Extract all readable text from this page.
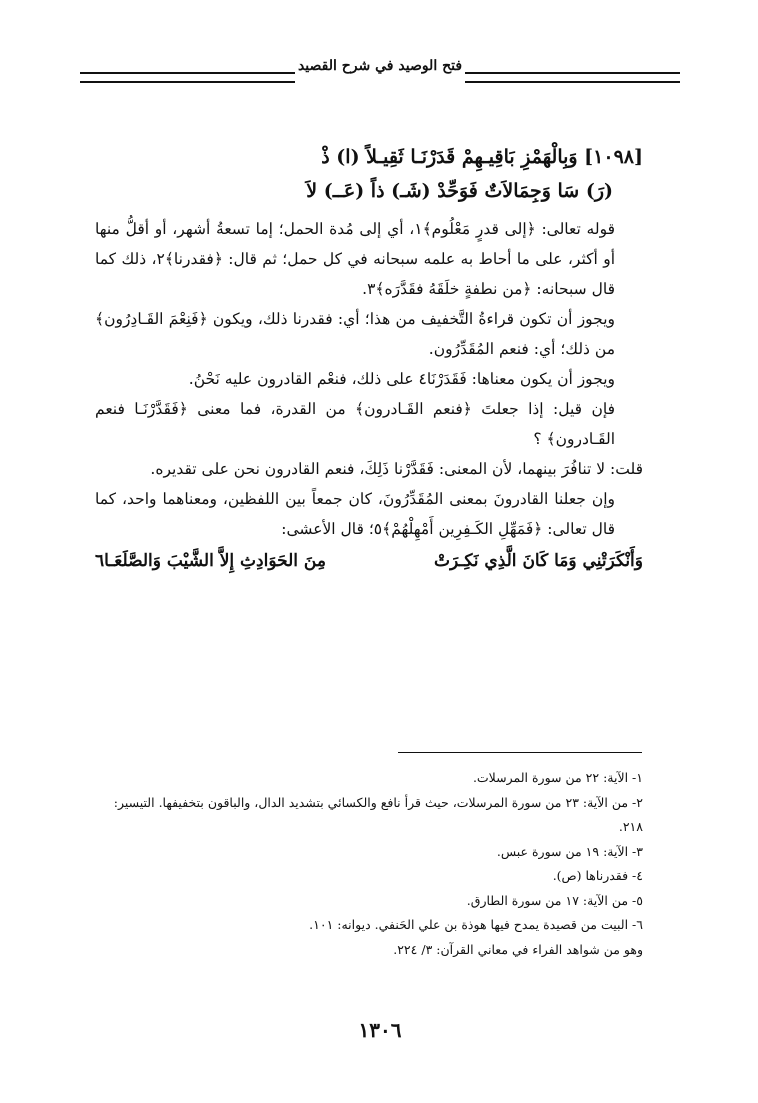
فتح الوصيد في شرح القصيد
[١٠٩٨] وَبِالْهَمْزِ بَاقِيـهِمْ قَدَرْنَـا ثَقِيـلاً (ا) ذْ
(رَ) سَا وَجِمَالاَتٌ فَوَحِّدْ (شَـ) ذاً (عَــ) لاَ

قوله تعالى: ﴿إلى قدرٍ مَعْلُوم﴾١، أي إلى مُدة الحمل؛ إما تسعةُ أشهر، أو أقلُّ منها أو أكثر، على ما أحاط به علمه سبحانه في كل حمل؛ ثم قال: ﴿فقدرنا﴾٢، ذلك كما قال سبحانه: ﴿من نطفةٍ خلَقَهُ فقَدَّرَه﴾٣.

ويجوز أن تكون قراءةُ التَّخفيف من هذا؛ أي: فقدرنا ذلك، ويكون ﴿فَنِعْمَ القَـادِرُون﴾ من ذلك؛ أي: فنعم المُقَدِّرُون.

ويجوز أن يكون معناها: فَقَدَرْنَا٤ على ذلك، فنعْم القادرون عليه نَحْنُ.

فإن قيل: إذا جعلتَ ﴿فنعم القَـادرون﴾ من القدرة، فما معنى ﴿فَقَدَّرْنَـا فنعم القَـادرون﴾ ؟

قلت: لا تنافُرَ بينهما، لأن المعنى: فَقَدَّرْنا ذَلِكَ، فنعم القادرون نحن على تقديره.

وإن جعلنا القادرونَ بمعنى المُقَدِّرُونَ، كان جمعاً بين اللفظين، ومعناهما واحد، كما قال تعالى: ﴿فَمَهِّلِ الكَـفِرِين أَمْهِلْهُمْ﴾٥؛ قال الأعشى:

وَأَنْكَرَتْنِي وَمَا كَانَ الَّذِي نَكِـرَتْ
مِنَ الحَوَادِثِ إِلاَّ الشَّيْبَ وَالصَّلَعَـا٦
١- الآية: ٢٢ من سورة المرسلات.
٢- من الآية: ٢٣ من سورة المرسلات، حيث قرأ نافع والكسائي بتشديد الدال، والباقون بتخفيفها. التيسير: ٢١٨.
٣- الآية: ١٩ من سورة عبس.
٤- فقدرناها (ص).
٥- من الآية: ١٧ من سورة الطارق.
٦- البيت من قصيدة يمدح فيها هوذة بن علي الحَنفي. ديوانه: ١٠١.
وهو من شواهد الفراء في معاني القرآن: ٣/ ٢٢٤.
١٣٠٦
